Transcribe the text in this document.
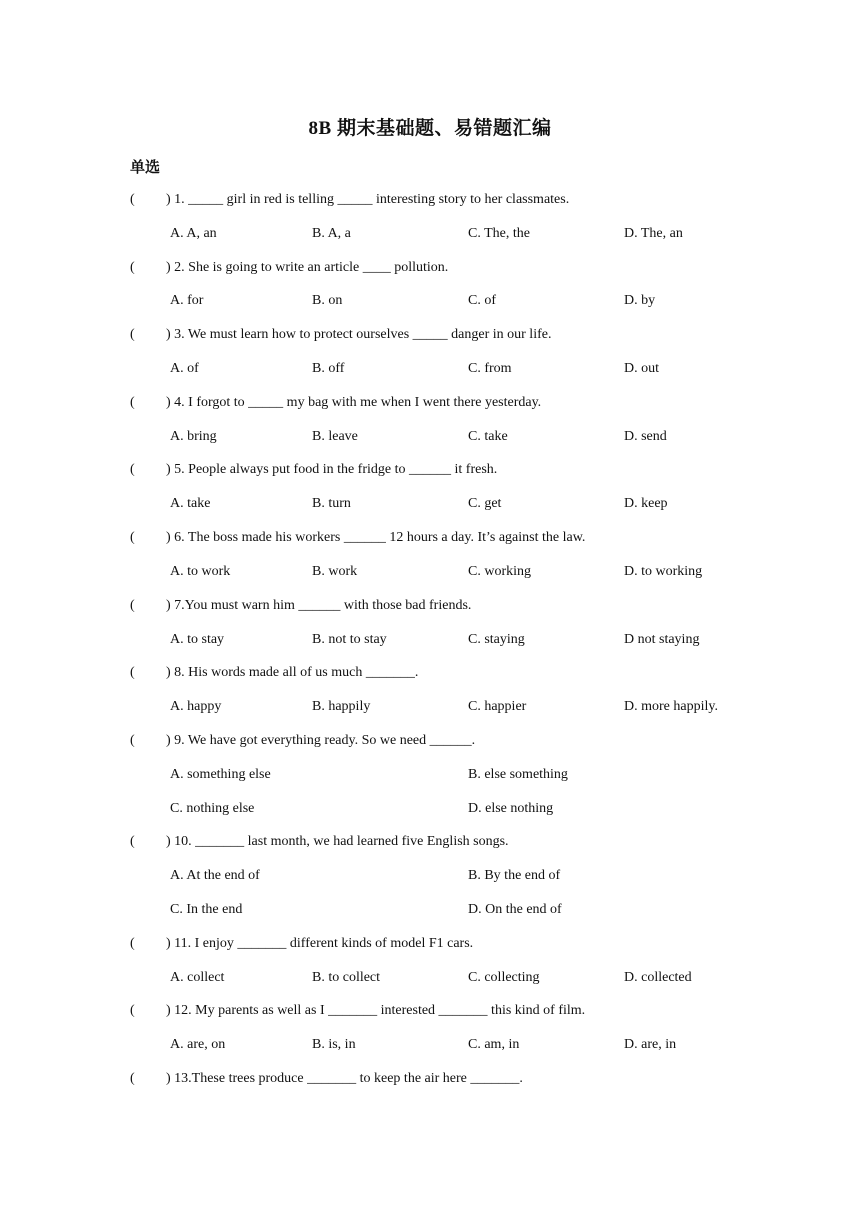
8B 期末基础题、易错题汇编
单选
( ) 1. _____ girl in red is telling _____ interesting story to her classmates.
A. A, an	B. A, a	C. The, the	D. The, an
( ) 2. She is going to write an article ____ pollution.
A. for	B. on	C. of	D. by
( ) 3. We must learn how to protect ourselves _____ danger in our life.
A. of	B. off	C. from	D. out
( ) 4. I forgot to _____ my bag with me when I went there yesterday.
A. bring	B. leave	C. take	D. send
( ) 5. People always put food in the fridge to ______ it fresh.
A. take	B. turn	C. get	D. keep
( ) 6. The boss made his workers ______ 12 hours a day. It’s against the law.
A. to work	B. work	C. working	D. to working
( ) 7.You must warn him ______ with those bad friends.
A. to stay	B. not to stay	C. staying	D not staying
( ) 8. His words made all of us much _______.
A. happy	B. happily	C. happier	D. more happily.
( ) 9. We have got everything ready. So we need ______.
A. something else	B. else something
C. nothing else	D. else nothing
( ) 10. _______ last month, we had learned five English songs.
A. At the end of	B. By the end of
C. In the end	D. On the end of
( ) 11. I enjoy _______ different kinds of model F1 cars.
A. collect	B. to collect	C. collecting	D. collected
( ) 12. My parents as well as I _______ interested _______ this kind of film.
A. are, on	B. is, in	C. am, in	D. are, in
( ) 13.These trees produce _______ to keep the air here _______.
